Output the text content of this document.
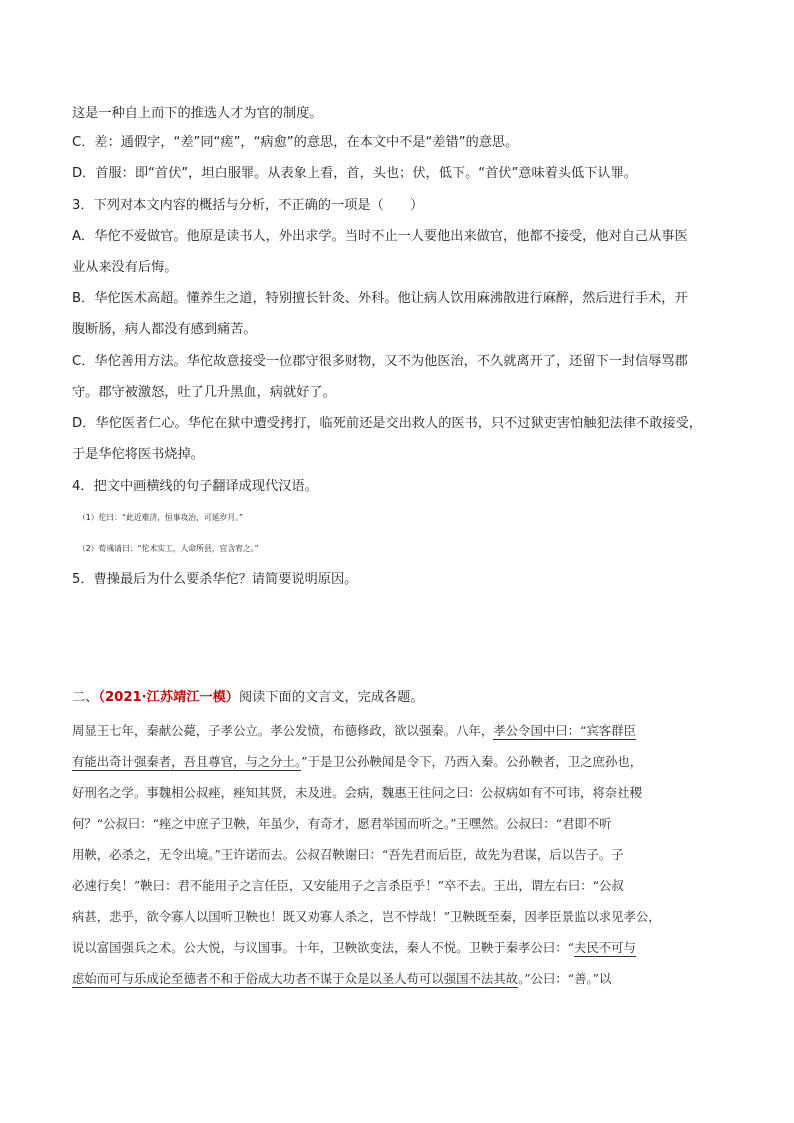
这是一种自上而下的推选人才为官的制度。
C．差：通假字，“差”同“瘥”，“病愈”的意思，在本文中不是“差错”的意思。
D．首服：即“首伏”，坦白服罪。从表象上看，首，头也；伏，低下。“首伏”意味着头低下认罪。
3．下列对本文内容的概括与分析，不正确的一项是（　　）
A．华佗不爱做官。他原是读书人，外出求学。当时不止一人要他出来做官，他都不接受，他对自己从事医
业从来没有后悔。
B．华佗医术高超。懂养生之道，特别擅长针灸、外科。他让病人饮用麻沸散进行麻醉，然后进行手术，开
腹断肠，病人都没有感到痛苦。
C．华佗善用方法。华佗故意接受一位郡守很多财物，又不为他医治，不久就离开了，还留下一封信辱骂郡
守。郡守被激怒，吐了几升黑血，病就好了。
D．华佗医者仁心。华佗在狱中遭受拷打，临死前还是交出救人的医书，只不过狱吏害怕触犯法律不敢接受，
于是华佗将医书烧掉。
4．把文中画横线的句子翻译成现代汉语。
（1）佗曰：“此近难济，恒事攻治，可延岁月。”
（2）荀彧请曰：“佗术实工，人命所县，宜含宥之。”
5．曹操最后为什么要杀华佗？请简要说明原因。
二、（2021·江苏靖江一模）阅读下面的文言文，完成各题。
周显王七年，秦献公薨，子孝公立。孝公发愤，布德修政，欲以强秦。八年，孝公令国中曰：“宾客群臣
有能出奇计强秦者，吾且尊官，与之分土。”于是卫公孙鞅闻是令下，乃西入秦。公孙鞅者，卫之庶孙也，
好刑名之学。事魏相公叔痤，痤知其贤，未及进。会病，魏惠王往问之曰：公叔病如有不可讳，将奈社稷
何？“公叔曰：“痤之中庶子卫鞅，年虽少，有奇才，愿君举国而听之。”王嘿然。公叔曰：“君即不听
用鞅，必杀之，无令出境。”王许诺而去。公叔召鞅谢曰：“吾先君而后臣，故先为君谋，后以告子。子
必速行矣！”鞅曰：君不能用子之言任臣，又安能用子之言杀臣乎！”卒不去。王出，谓左右曰：“公叔
病甚，悲乎，欲令寡人以国听卫鞅也！既又劝寡人杀之，岂不悖哉！”卫鞅既至秦，因孝臣景监以求见孝公，
说以富国强兵之术。公大悦，与议国事。十年，卫鞅欲变法，秦人不悦。卫鞅于秦孝公曰：“夫民不可与
虑始而可与乐成论至德者不和于俗成大功者不谋于众是以圣人苟可以强国不法其故。”公曰：“善。”以
